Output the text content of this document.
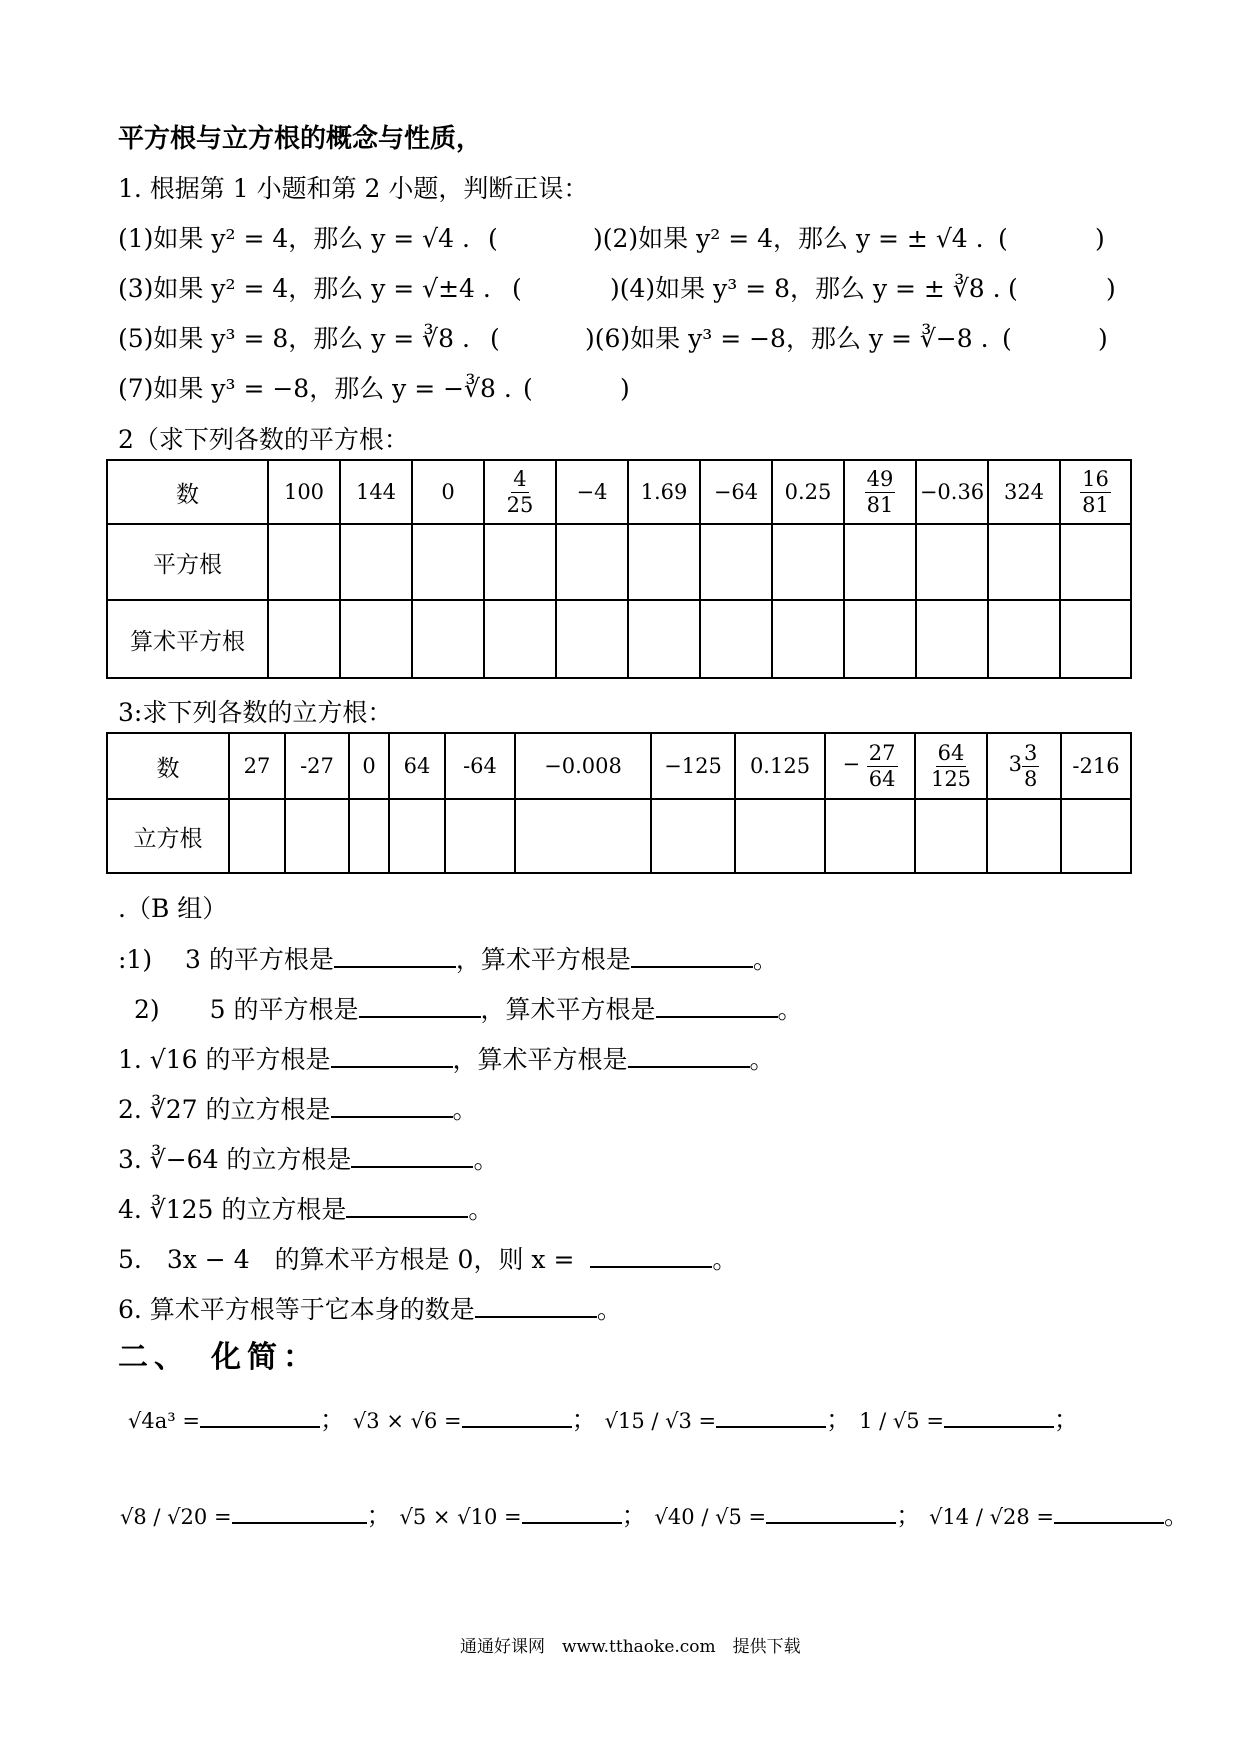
平方根与立方根的概念与性质，
1. 根据第 1 小题和第 2 小题，判断正误：
(1)如果 y² = 4，那么 y = √4 . (	)(2)如果 y² = 4，那么 y = ± √4 . (	)
(3)如果 y² = 4，那么 y = √±4 . (	)(4)如果 y³ = 8，那么 y = ± ∛8 . (	)
(5)如果 y³ = 8，那么 y = ∛8 . (	)(6)如果 y³ = −8，那么 y = ∛−8 . (	)
(7)如果 y³ = −8，那么 y = −∛8 . (	)
2（求下列各数的平方根：
数	100	144	0	$\frac{4}{25}$	−4	1.69	−64	0.25	$\frac{49}{81}$	−0.36	324	$\frac{16}{81}$

平方根												
算术平方根												
3:求下列各数的立方根：
数	27	-27	0	64	-64	−0.008	−125	0.125	− $\frac{27}{64}$	$\frac{64}{125}$	$3 \frac{3}{8}$	-216
立方根												
.（B 组）
:1)　 3 的平方根是	，算术平方根是	。
2)　　5 的平方根是	，算术平方根是	。
1. √16 的平方根是	，算术平方根是	。
2. ∛27 的立方根是	。
3. ∛−64 的立方根是	。
4. ∛125 的立方根是	。
5.　3x − 4　的算术平方根是 0，则 x =	。
6. 算术平方根等于它本身的数是	。
二、　化简：
√4a³ =	； √3 × √6 =	； √15 / √3 =	； 1 / √5 =	；
√8 / √20 =	； √5 × √10 =	； √40 / √5 =	； √14 / √28 =	。
通通好课网　www.tthaoke.com　提供下载
